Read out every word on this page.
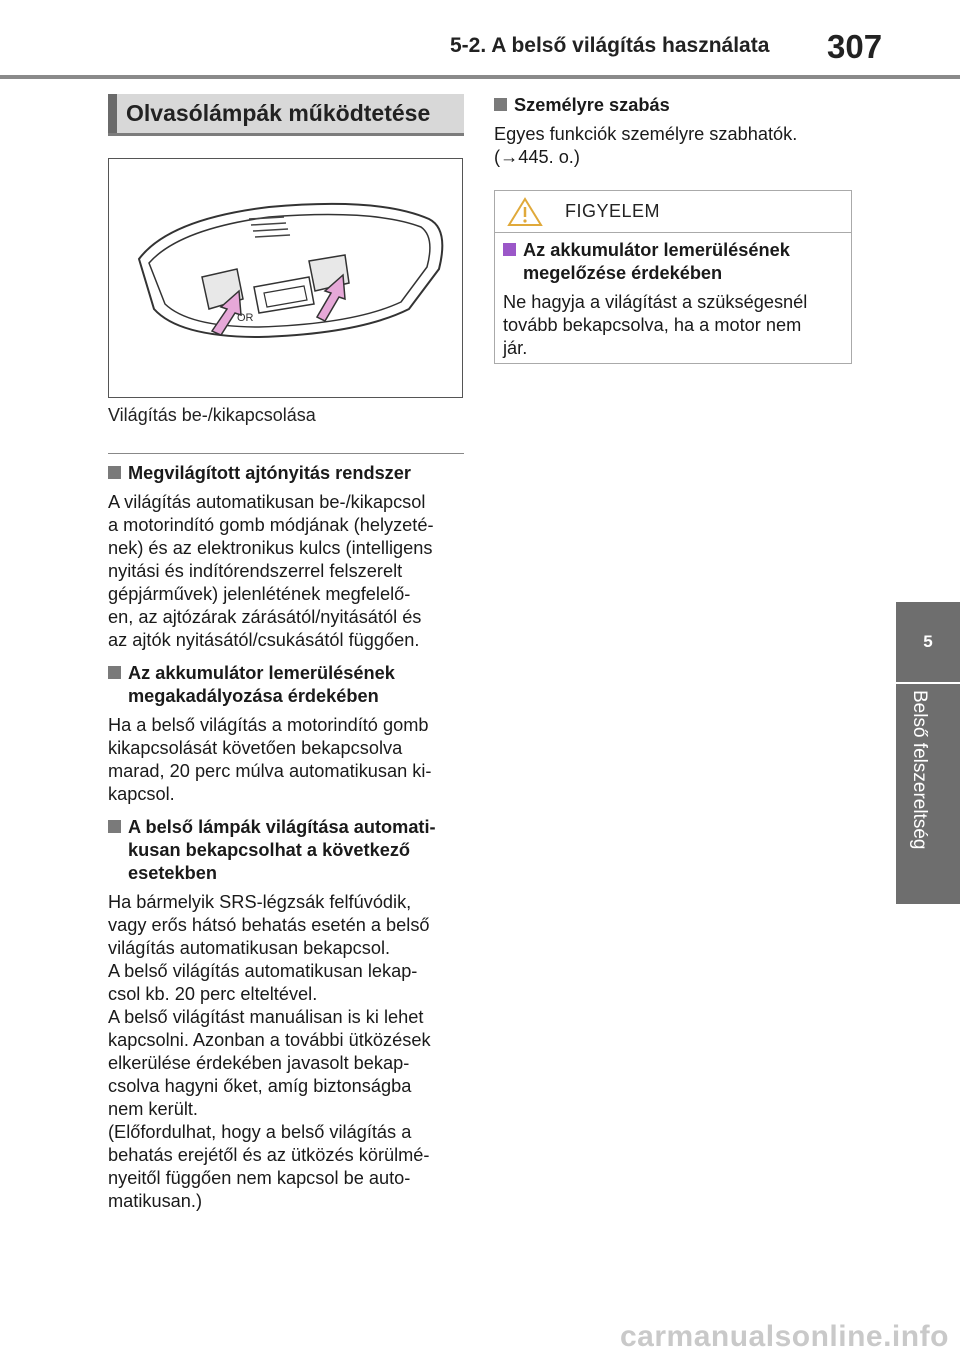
5-2. A belső világítás használata 307
5
Belső felszereltség
Olvasólámpák működtetése
OR
Világítás be-/kikapcsolása
Megvilágított ajtónyitás rendszer
A világítás automatikusan be-/kikapcsol
a motorindító gomb módjának (helyzeté-
nek) és az elektronikus kulcs (intelligens
nyitási és indítórendszerrel felszerelt
gépjárművek) jelenlétének megfelelő-
en, az ajtózárak zárásától/nyitásától és
az ajtók nyitásától/csukásától függően.
Az akkumulátor lemerülésének
megakadályozása érdekében
Ha a belső világítás a motorindító gomb
kikapcsolását követően bekapcsolva
marad, 20 perc múlva automatikusan ki-
kapcsol.
A belső lámpák világítása automati-
kusan bekapcsolhat a következő
esetekben
Ha bármelyik SRS-légzsák felfúvódik,
vagy erős hátsó behatás esetén a belső
világítás automatikusan bekapcsol.
A belső világítás automatikusan lekap-
csol kb. 20 perc elteltével.
A belső világítást manuálisan is ki lehet
kapcsolni. Azonban a további ütközések
elkerülése érdekében javasolt bekap-
csolva hagyni őket, amíg biztonságba
nem került.
(Előfordulhat, hogy a belső világítás a
behatás erejétől és az ütközés körülmé-
nyeitől függően nem kapcsol be auto-
matikusan.)
Személyre szabás
Egyes funkciók személyre szabhatók.
(→445. o.)
FIGYELEM
Az akkumulátor lemerülésének
megelőzése érdekében
Ne hagyja a világítást a szükségesnél
tovább bekapcsolva, ha a motor nem
jár.
carmanualsonline.info
